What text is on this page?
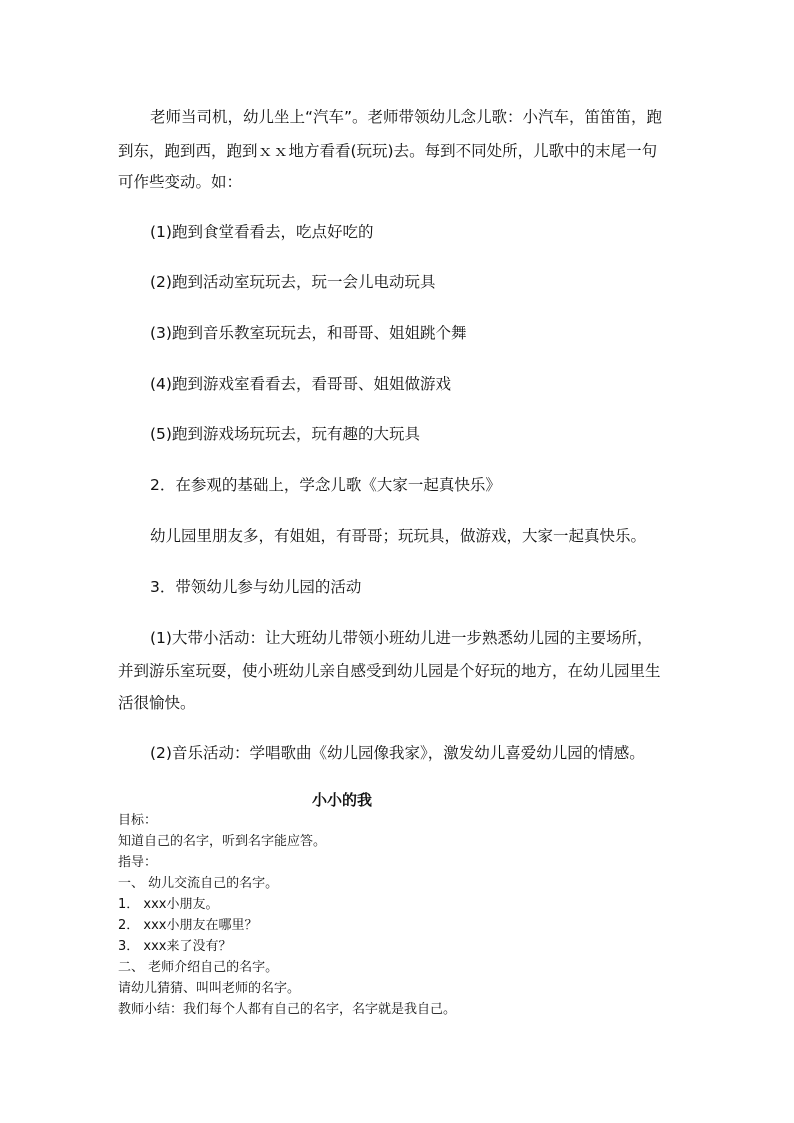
老师当司机，幼儿坐上“汽车”。老师带领幼儿念儿歌：小汽车，笛笛笛，跑
到东，跑到西，跑到ｘｘ地方看看(玩玩)去。每到不同处所，儿歌中的末尾一句
可作些变动。如：
(1)跑到食堂看看去，吃点好吃的
(2)跑到活动室玩玩去，玩一会儿电动玩具
(3)跑到音乐教室玩玩去，和哥哥、姐姐跳个舞
(4)跑到游戏室看看去，看哥哥、姐姐做游戏
(5)跑到游戏场玩玩去，玩有趣的大玩具
2．在参观的基础上，学念儿歌《大家一起真快乐》
幼儿园里朋友多，有姐姐，有哥哥；玩玩具，做游戏，大家一起真快乐。
3．带领幼儿参与幼儿园的活动
(1)大带小活动：让大班幼儿带领小班幼儿进一步熟悉幼儿园的主要场所，
并到游乐室玩耍，使小班幼儿亲自感受到幼儿园是个好玩的地方，在幼儿园里生
活很愉快。
(2)音乐活动：学唱歌曲《幼儿园像我家》，激发幼儿喜爱幼儿园的情感。
小小的我
目标：
知道自己的名字，听到名字能应答。
指导：
一、 幼儿交流自己的名字。
1． xxx小朋友。
2． xxx小朋友在哪里？
3． xxx来了没有？
二、 老师介绍自己的名字。
请幼儿猜猜、叫叫老师的名字。
教师小结：我们每个人都有自己的名字，名字就是我自己。
